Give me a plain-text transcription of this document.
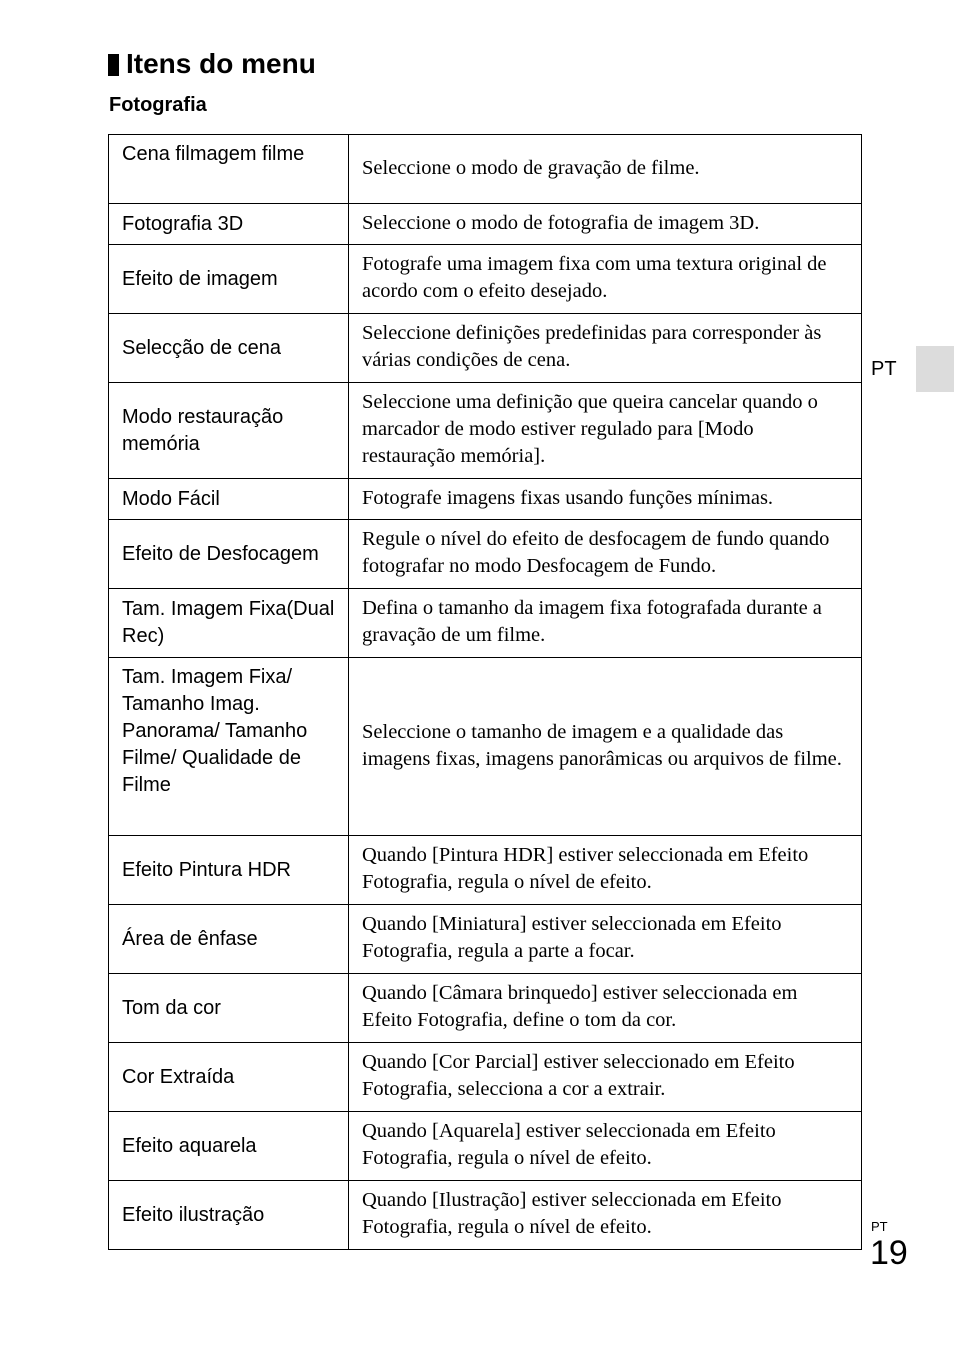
Itens do menu
Fotografia
Cena filmagem filme	Seleccione o modo de gravação de filme.
Fotografia 3D	Seleccione o modo de fotografia de imagem 3D.
Efeito de imagem	Fotografe uma imagem fixa com uma textura original de acordo com o efeito desejado.
Selecção de cena	Seleccione definições predefinidas para corresponder às várias condições de cena.
Modo restauração memória	Seleccione uma definição que queira cancelar quando o marcador de modo estiver regulado para [Modo restauração memória].
Modo Fácil	Fotografe imagens fixas usando funções mínimas.
Efeito de Desfocagem	Regule o nível do efeito de desfocagem de fundo quando fotografar no modo Desfocagem de Fundo.
Tam. Imagem Fixa(Dual Rec)	Defina o tamanho da imagem fixa fotografada durante a gravação de um filme.
Tam. Imagem Fixa/ Tamanho Imag. Panorama/ Tamanho Filme/ Qualidade de Filme	Seleccione o tamanho de imagem e a qualidade das imagens fixas, imagens panorâmicas ou arquivos de filme.
Efeito Pintura HDR	Quando [Pintura HDR] estiver seleccionada em Efeito Fotografia, regula o nível de efeito.
Área de ênfase	Quando [Miniatura] estiver seleccionada em Efeito Fotografia, regula a parte a focar.
Tom da cor	Quando [Câmara brinquedo] estiver seleccionada em Efeito Fotografia, define o tom da cor.
Cor Extraída	Quando [Cor Parcial] estiver seleccionado em Efeito Fotografia, selecciona a cor a extrair.
Efeito aquarela	Quando [Aquarela] estiver seleccionada em Efeito Fotografia, regula o nível de efeito.
Efeito ilustração	Quando [Ilustração] estiver seleccionada em Efeito Fotografia, regula o nível de efeito.
PT
PT
19
